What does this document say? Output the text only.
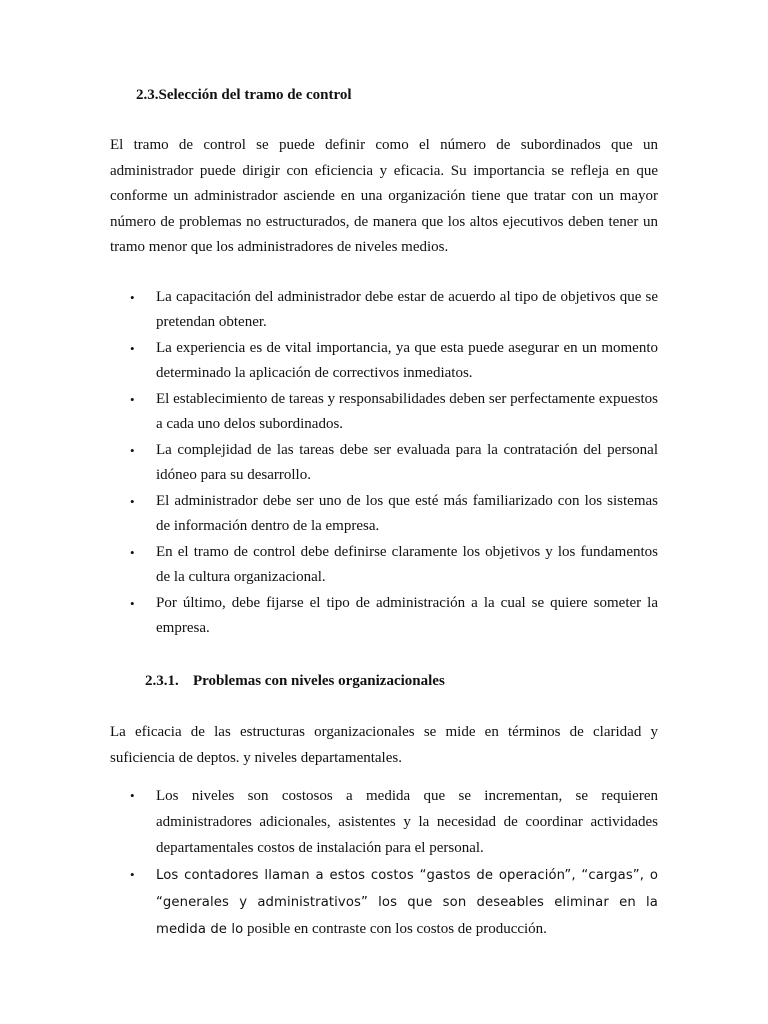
2.3.Selección del tramo de control

El tramo de control se puede definir como el número de subordinados que un administrador puede dirigir con eficiencia y eficacia. Su importancia se refleja en que conforme un administrador asciende en una organización tiene que tratar con un mayor número de problemas no estructurados, de manera que los altos ejecutivos deben tener un tramo menor que los administradores de niveles medios.

• La capacitación del administrador debe estar de acuerdo al tipo de objetivos que se pretendan obtener.
• La experiencia es de vital importancia, ya que esta puede asegurar en un momento determinado la aplicación de correctivos inmediatos.
• El establecimiento de tareas y responsabilidades deben ser perfectamente expuestos a cada uno delos subordinados.
• La complejidad de las tareas debe ser evaluada para la contratación del personal idóneo para su desarrollo.
• El administrador debe ser uno de los que esté más familiarizado con los sistemas de información dentro de la empresa.
• En el tramo de control debe definirse claramente los objetivos y los fundamentos de la cultura organizacional.
• Por último, debe fijarse el tipo de administración a la cual se quiere someter la empresa.
2.3.1. Problemas con niveles organizacionales

La eficacia de las estructuras organizacionales se mide en términos de claridad y suficiencia de deptos. y niveles departamentales.

• Los niveles son costosos a medida que se incrementan, se requieren administradores adicionales, asistentes y la necesidad de coordinar actividades departamentales costos de instalación para el personal.
• Los contadores llaman a estos costos “gastos de operación”, “cargas”, o “generales y administrativos” los que son deseables eliminar en la medida de lo posible en contraste con los costos de producción.
